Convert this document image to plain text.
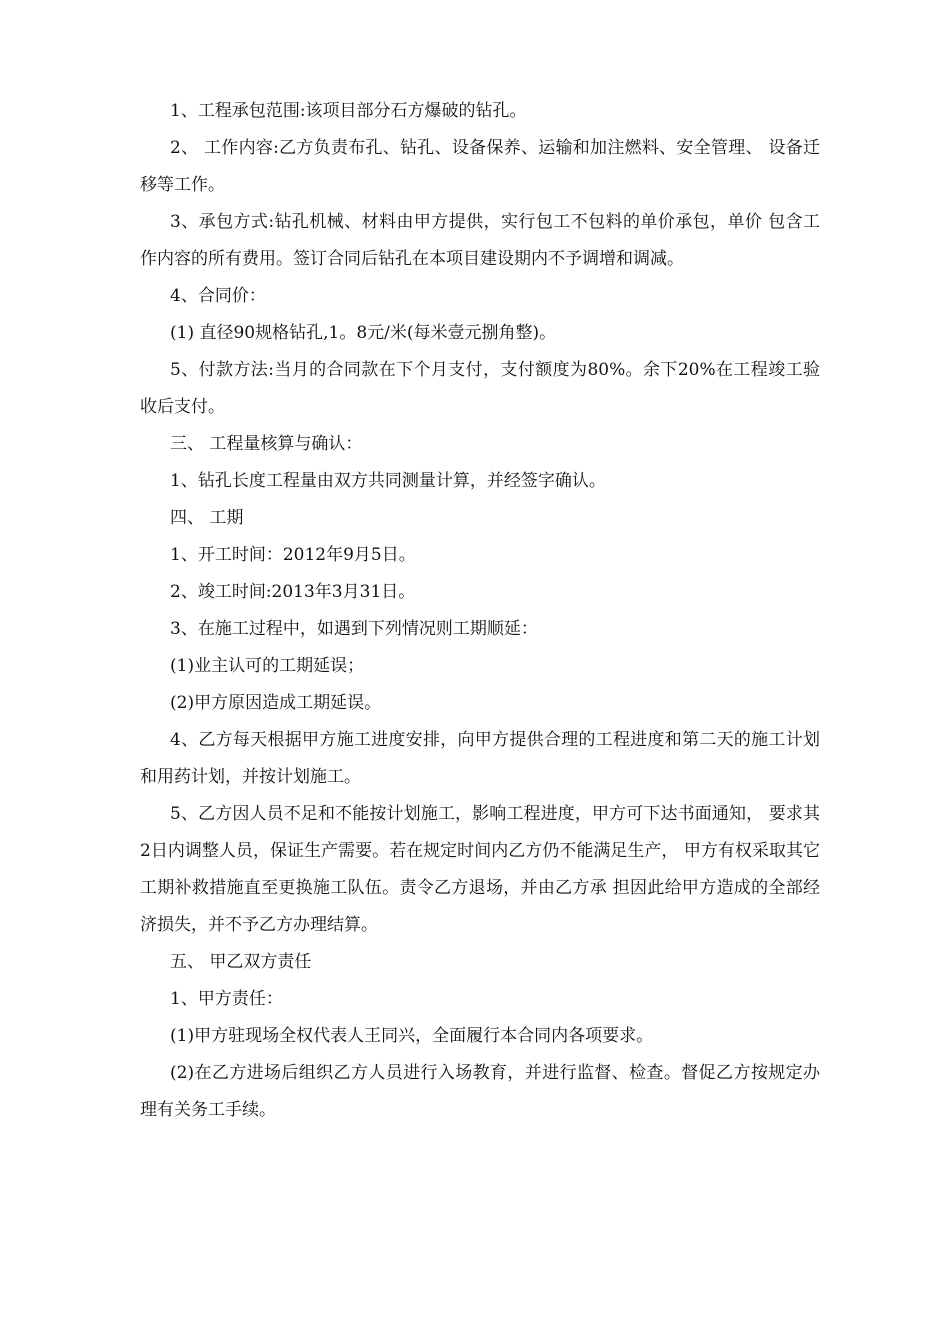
1、工程承包范围:该项目部分石方爆破的钻孔。

2、 工作内容:乙方负责布孔、钻孔、设备保养、运输和加注燃料、安全管理、 设备迁移等工作。

3、承包方式:钻孔机械、材料由甲方提供，实行包工不包料的单价承包，单价 包含工作内容的所有费用。签订合同后钻孔在本项目建设期内不予调增和调减。

4、合同价：

(1) 直径90规格钻孔,1。8元/米(每米壹元捌角整)。

5、付款方法:当月的合同款在下个月支付，支付额度为80%。余下20%在工程竣工验收后支付。

三、 工程量核算与确认：

1、钻孔长度工程量由双方共同测量计算，并经签字确认。

四、 工期

1、开工时间：2012年9月5日。

2、竣工时间:2013年3月31日。

3、在施工过程中，如遇到下列情况则工期顺延：

(1)业主认可的工期延误；

(2)甲方原因造成工期延误。

4、乙方每天根据甲方施工进度安排，向甲方提供合理的工程进度和第二天的施工计划和用药计划，并按计划施工。

5、乙方因人员不足和不能按计划施工，影响工程进度，甲方可下达书面通知， 要求其2日内调整人员，保证生产需要。若在规定时间内乙方仍不能满足生产， 甲方有权采取其它工期补救措施直至更换施工队伍。责令乙方退场，并由乙方承 担因此给甲方造成的全部经济损失，并不予乙方办理结算。

五、 甲乙双方责任

1、甲方责任：

(1)甲方驻现场全权代表人王同兴，全面履行本合同内各项要求。

(2)在乙方进场后组织乙方人员进行入场教育，并进行监督、检查。督促乙方按规定办理有关务工手续。
